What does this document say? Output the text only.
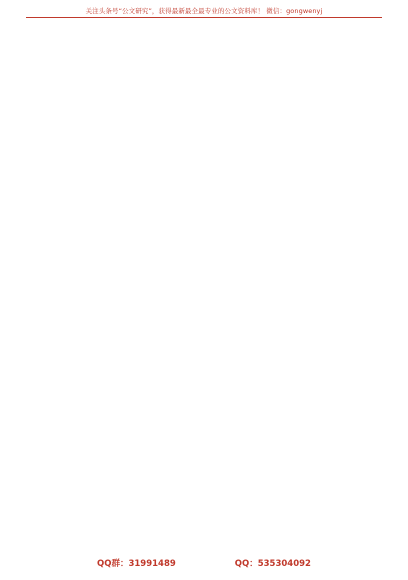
关注头条号“公文研究”，获得最新最全最专业的公文资料库！ 微信：gongwenyj

QQ群：31991489	QQ：535304092
